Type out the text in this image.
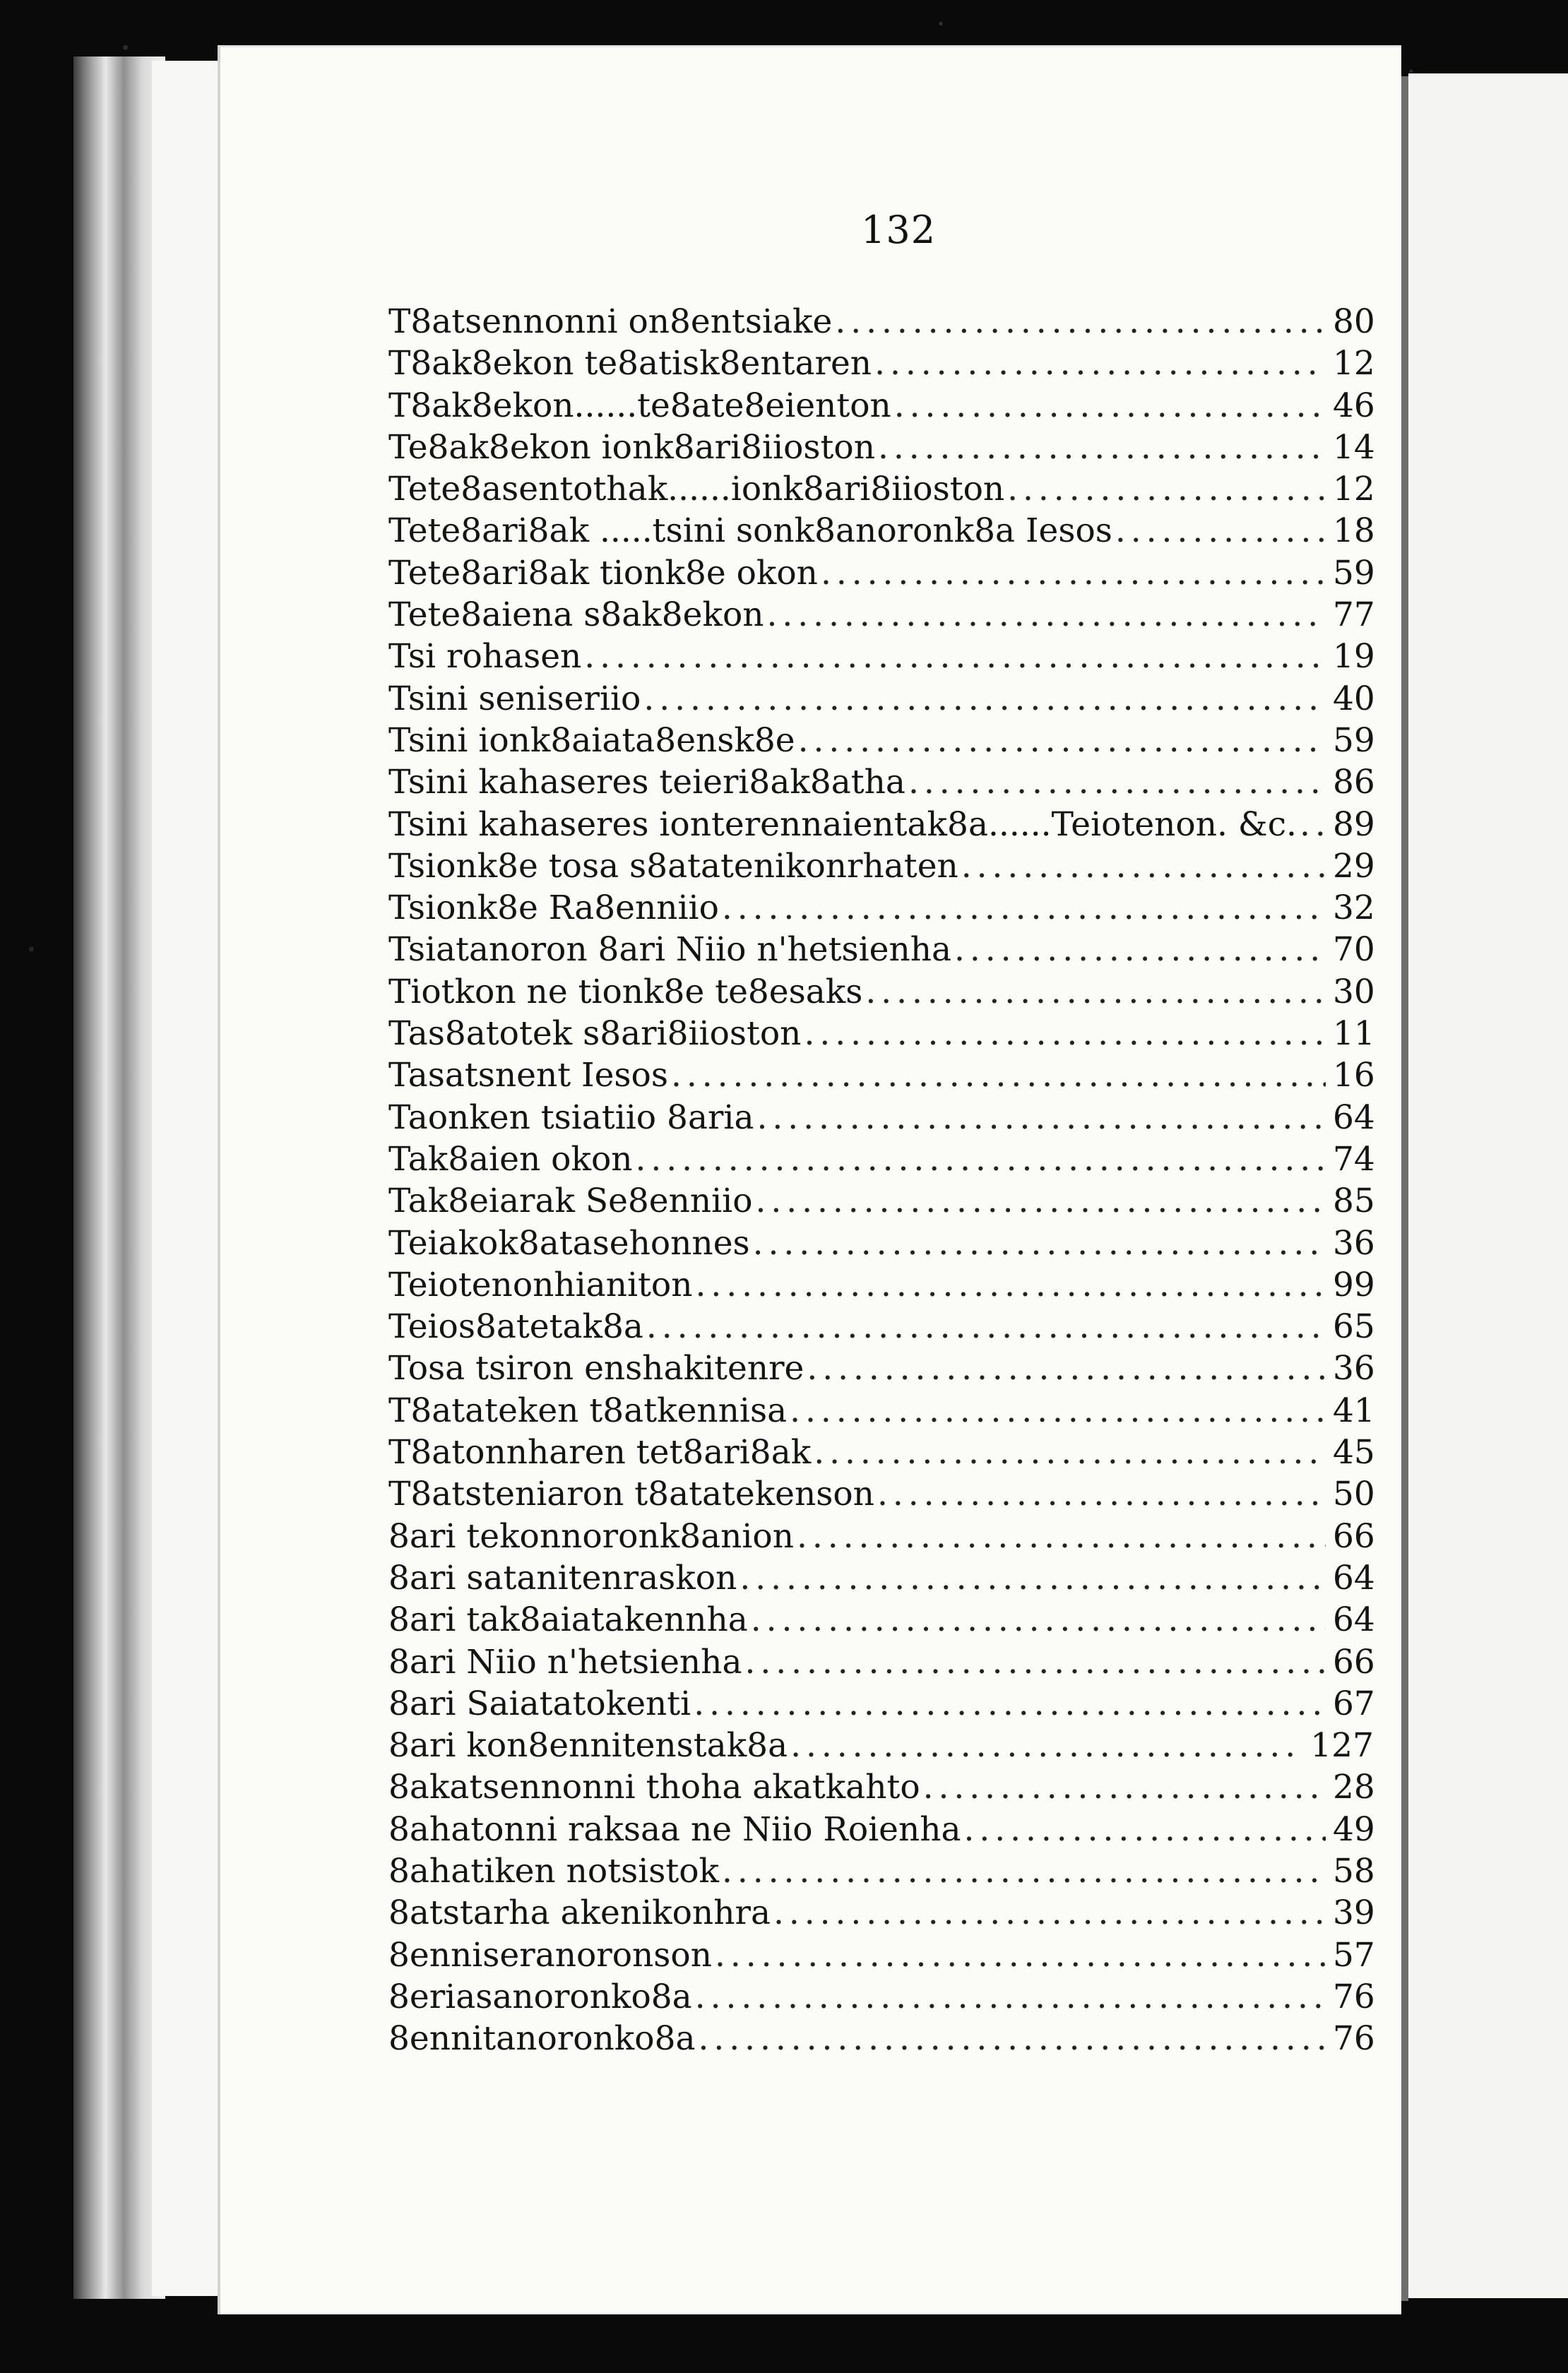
132
T8atsennonni on8entsiake . . .	80
T8ak8ekon te8atisk8entaren . . .	12
T8ak8ekon......te8ate8eienton . . .	46
Te8ak8ekon ionk8ari8iioston . . .	14
Tete8asentothak......ionk8ari8iioston . . .	12
Tete8ari8ak .....tsini sonk8anoronk8a Iesos . . .	18
Tete8ari8ak tionk8e okon . . .	59
Tete8aiena s8ak8ekon . . .	77
Tsi rohasen . . .	19
Tsini seniseriio . . .	40
Tsini ionk8aiata8ensk8e . . .	59
Tsini kahaseres teieri8ak8atha . . .	86
Tsini kahaseres ionterennaientak8a......Teiotenon. &c. . . . 89
Tsionk8e tosa s8atatenikonrhaten . . .	29
Tsionk8e Ra8enniio . . .	32
Tsiatanoron 8ari Niio n'hetsienha . . .	70
Tiotkon ne tionk8e te8esaks . . .	30
Tas8atotek s8ari8iioston . . .	11
Tasatsnent Iesos . . .	16
Taonken tsiatiio 8aria . . .	64
Tak8aien okon . . .	74
Tak8eiarak Se8enniio . . .	85
Teiakok8atasehonnes . . .	36
Teiotenonhianiton . . .	99
Teios8atetak8a . . .	65
Tosa tsiron enshakitenre . . .	36
T8atateken t8atkennisa . . .	41
T8atonnharen tet8ari8ak . . .	45
T8atsteniaron t8atatekenson . . .	50
8ari tekonnoronk8anion . . .	66
8ari satanitenraskon . . .	64
8ari tak8aiatakennha . . .	64
8ari Niio n'hetsienha . . .	66
8ari Saiatatokenti . . .	67
8ari kon8ennitenstak8a . . .	127
8akatsennonni thoha akatkahto . . .	28
8ahatonni raksaa ne Niio Roienha . . .	49
8ahatiken notsistok . . .	58
8atstarha akenikonhra . . .	39
8enniseranoronson . . .	57
8eriasanoronko8a . . .	76
8ennitanoronko8a . . .	76
